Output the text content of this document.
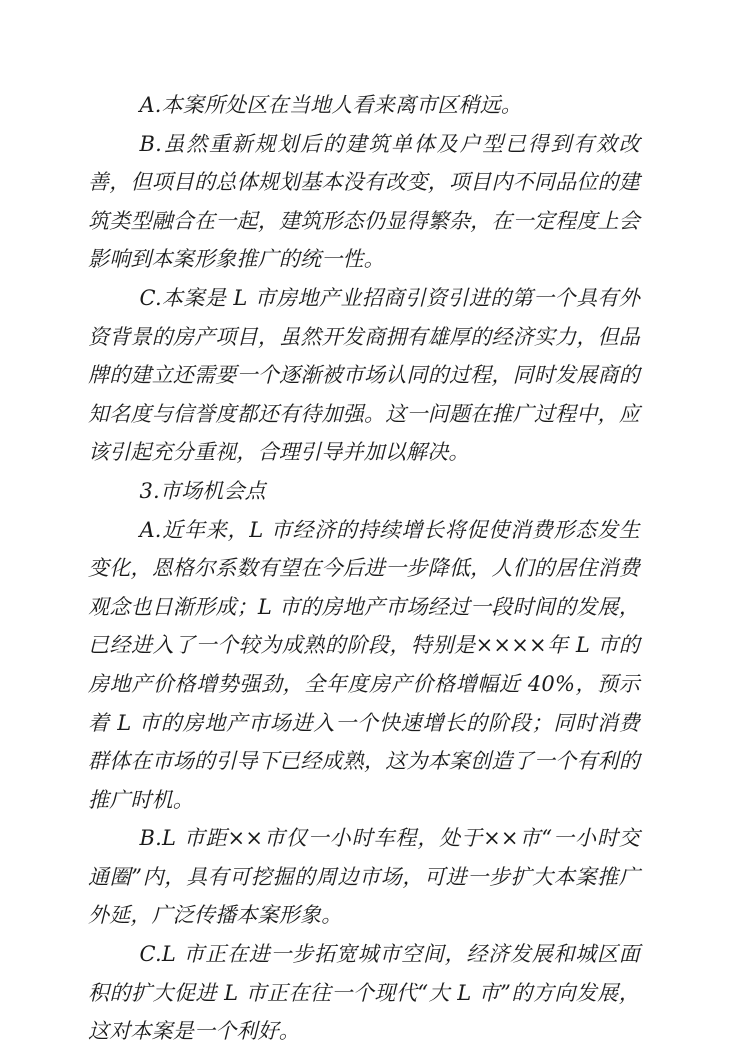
A.本案所处区在当地人看来离市区稍远。

B.虽然重新规划后的建筑单体及户型已得到有效改善，但项目的总体规划基本没有改变，项目内不同品位的建筑类型融合在一起，建筑形态仍显得繁杂，在一定程度上会影响到本案形象推广的统一性。

C.本案是 L 市房地产业招商引资引进的第一个具有外资背景的房产项目，虽然开发商拥有雄厚的经济实力，但品牌的建立还需要一个逐渐被市场认同的过程，同时发展商的知名度与信誉度都还有待加强。这一问题在推广过程中，应该引起充分重视，合理引导并加以解决。

3.市场机会点

A.近年来，L 市经济的持续增长将促使消费形态发生变化，恩格尔系数有望在今后进一步降低，人们的居住消费观念也日渐形成；L 市的房地产市场经过一段时间的发展，已经进入了一个较为成熟的阶段，特别是××××年 L 市的房地产价格增势强劲，全年度房产价格增幅近 40%，预示着 L 市的房地产市场进入一个快速增长的阶段；同时消费群体在市场的引导下已经成熟，这为本案创造了一个有利的推广时机。

B.L 市距××市仅一小时车程，处于××市“一小时交通圈”内，具有可挖掘的周边市场，可进一步扩大本案推广外延，广泛传播本案形象。

C.L 市正在进一步拓宽城市空间，经济发展和城区面积的扩大促进 L 市正在往一个现代“大 L 市”的方向发展，这对本案是一个利好。
